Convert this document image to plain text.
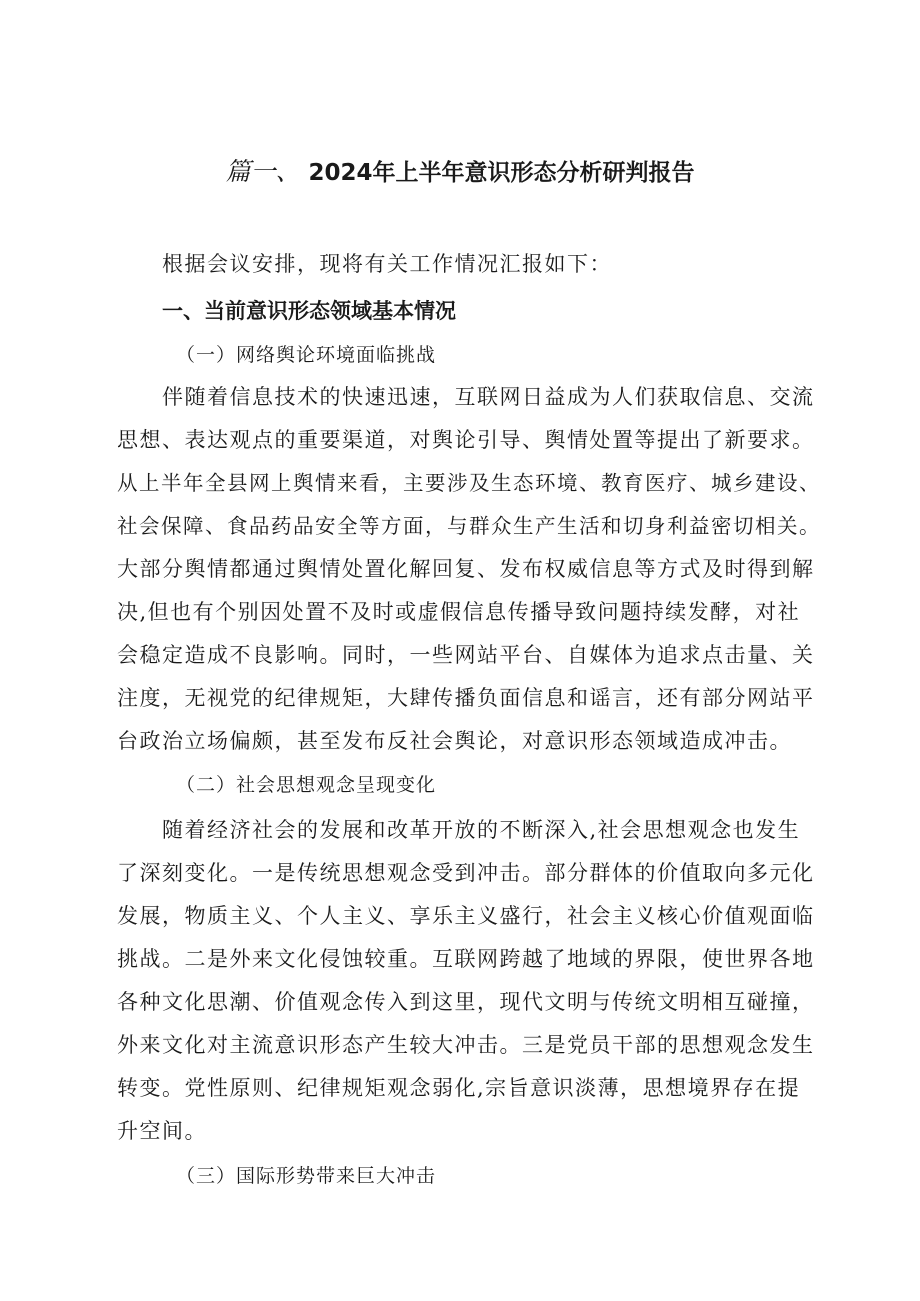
篇一、 2024年上半年意识形态分析研判报告
根据会议安排，现将有关工作情况汇报如下：
一、当前意识形态领域基本情况
（一）网络舆论环境面临挑战
伴随着信息技术的快速迅速，互联网日益成为人们获取信息、交流
思想、表达观点的重要渠道，对舆论引导、舆情处置等提出了新要求。
从上半年全县网上舆情来看，主要涉及生态环境、教育医疗、城乡建设、
社会保障、食品药品安全等方面，与群众生产生活和切身利益密切相关。
大部分舆情都通过舆情处置化解回复、发布权威信息等方式及时得到解
决,但也有个别因处置不及时或虚假信息传播导致问题持续发酵，对社
会稳定造成不良影响。同时，一些网站平台、自媒体为追求点击量、关
注度，无视党的纪律规矩，大肆传播负面信息和谣言，还有部分网站平
台政治立场偏颇，甚至发布反社会舆论，对意识形态领域造成冲击。
（二）社会思想观念呈现变化
随着经济社会的发展和改革开放的不断深入,社会思想观念也发生
了深刻变化。一是传统思想观念受到冲击。部分群体的价值取向多元化
发展，物质主义、个人主义、享乐主义盛行，社会主义核心价值观面临
挑战。二是外来文化侵蚀较重。互联网跨越了地域的界限，使世界各地
各种文化思潮、价值观念传入到这里，现代文明与传统文明相互碰撞，
外来文化对主流意识形态产生较大冲击。三是党员干部的思想观念发生
转变。党性原则、纪律规矩观念弱化,宗旨意识淡薄，思想境界存在提
升空间。
（三）国际形势带来巨大冲击
